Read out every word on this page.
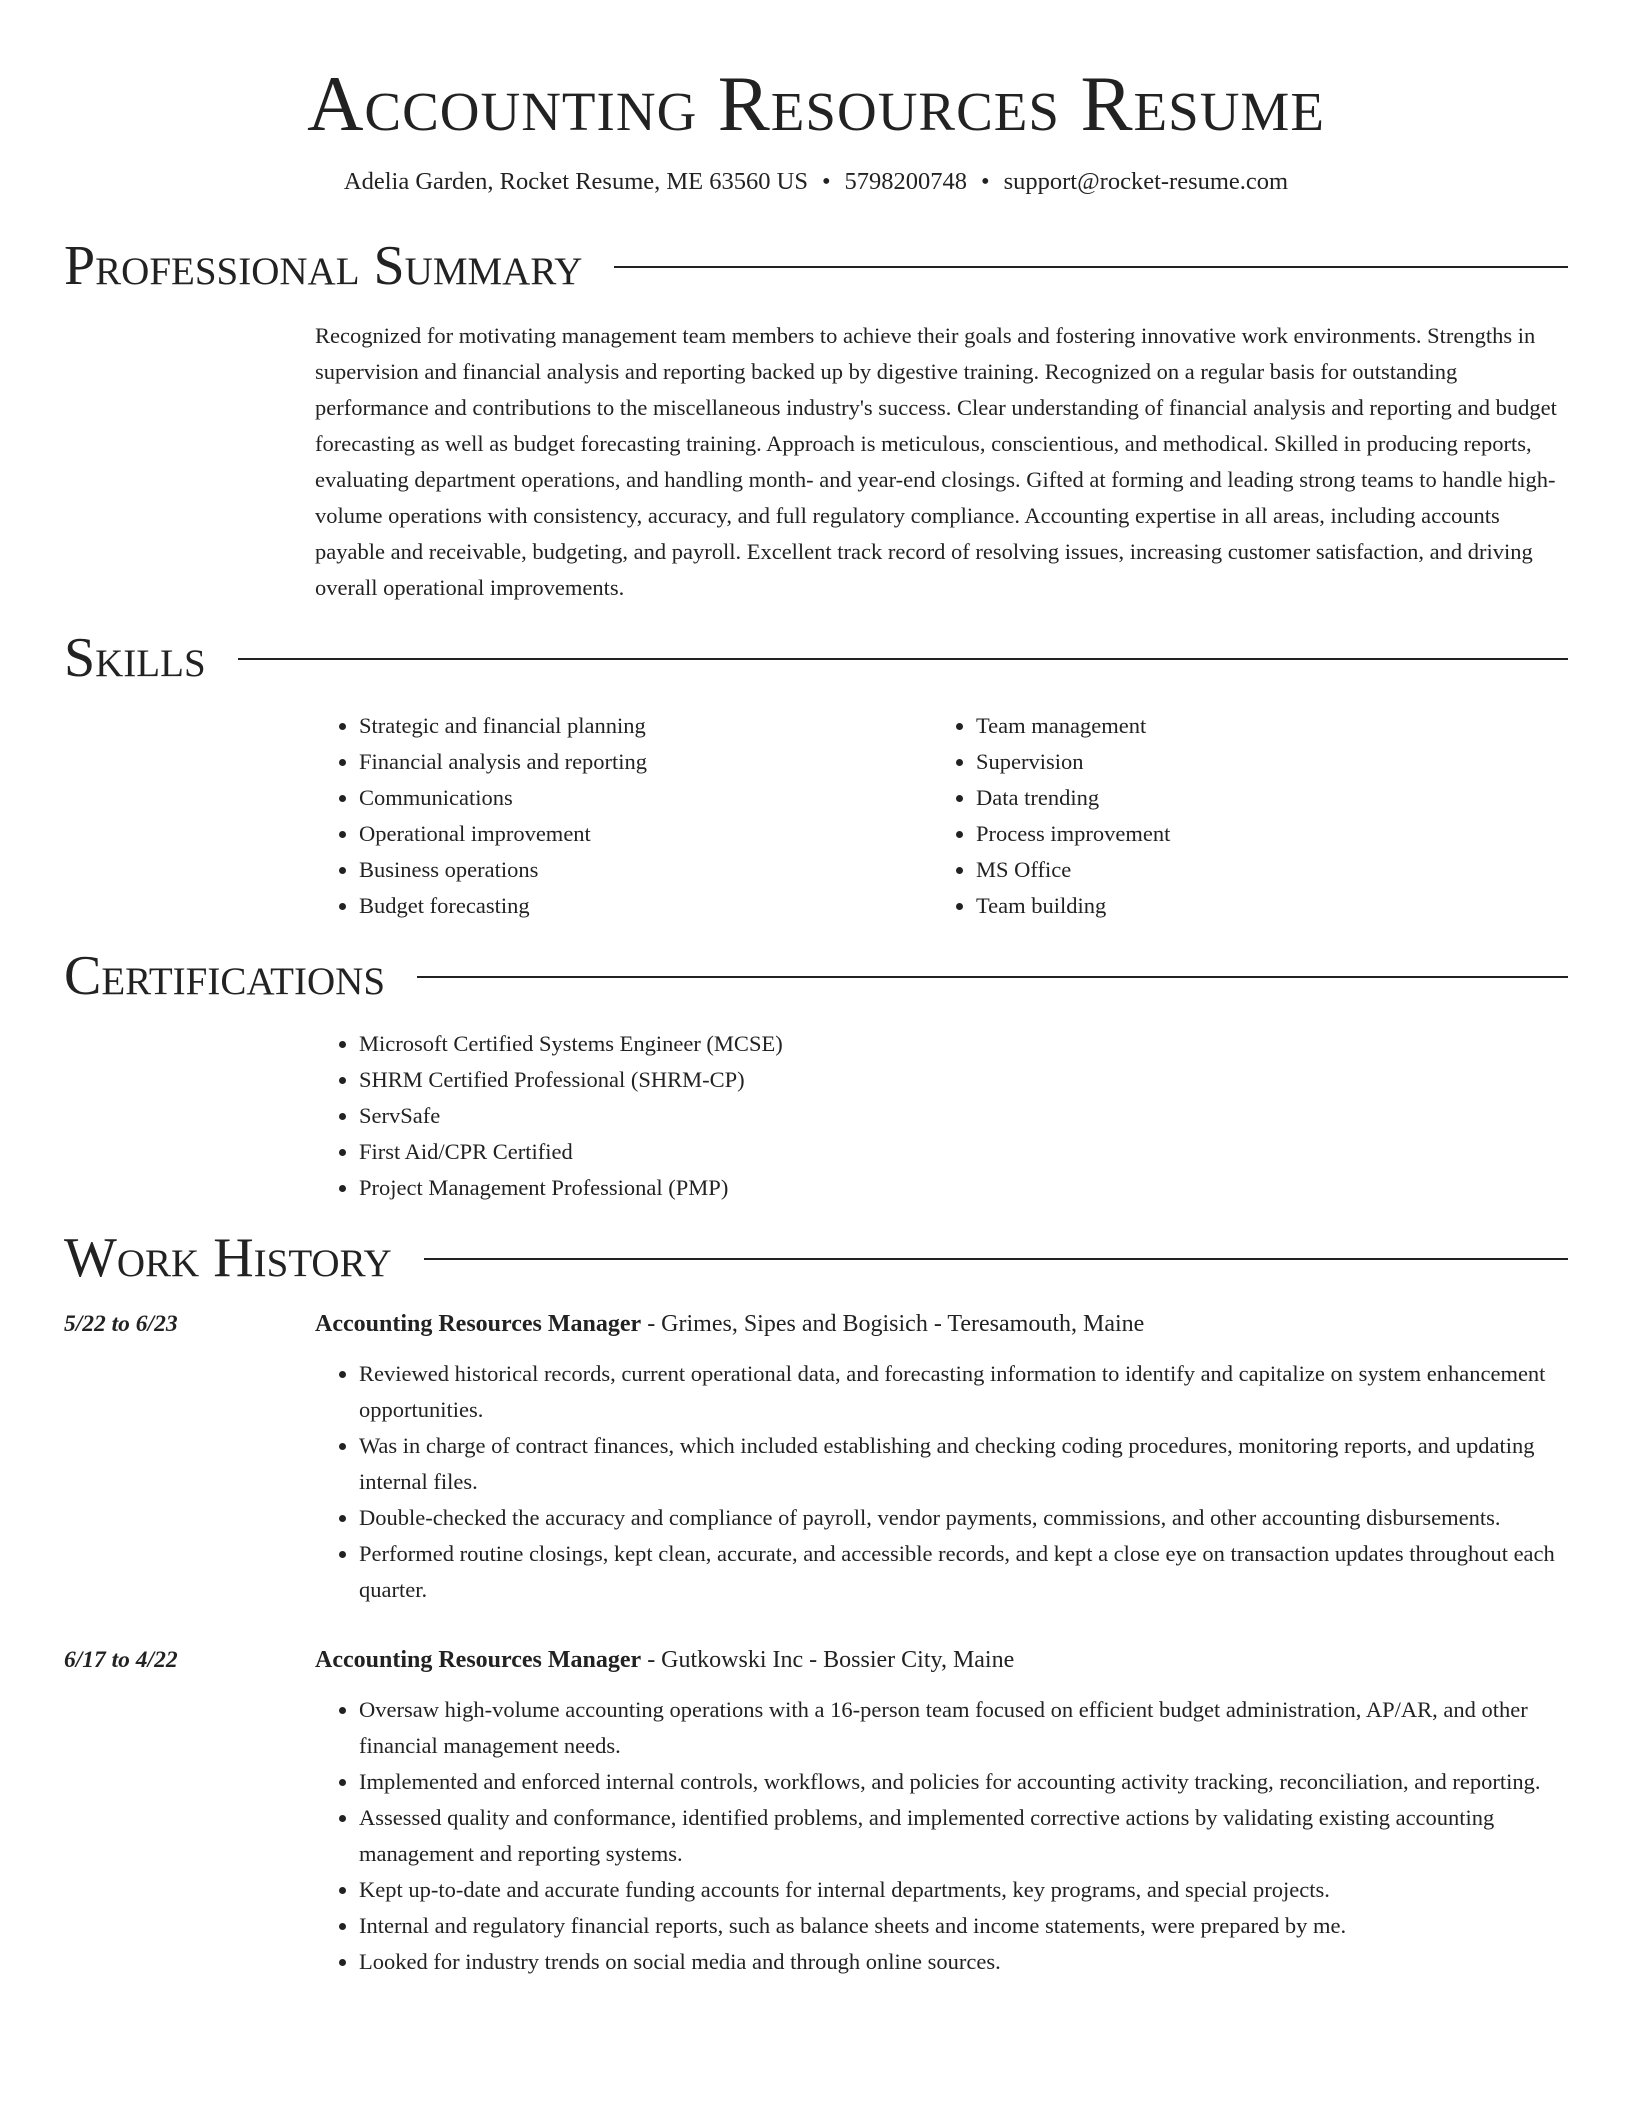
Accounting Resources Resume
Adelia Garden, Rocket Resume, ME 63560 US • 5798200748 • support@rocket-resume.com
Professional Summary

Recognized for motivating management team members to achieve their goals and fostering innovative work environments. Strengths in supervision and financial analysis and reporting backed up by digestive training. Recognized on a regular basis for outstanding performance and contributions to the miscellaneous industry's success. Clear understanding of financial analysis and reporting and budget forecasting as well as budget forecasting training. Approach is meticulous, conscientious, and methodical. Skilled in producing reports, evaluating department operations, and handling month- and year-end closings. Gifted at forming and leading strong teams to handle high-volume operations with consistency, accuracy, and full regulatory compliance. Accounting expertise in all areas, including accounts payable and receivable, budgeting, and payroll. Excellent track record of resolving issues, increasing customer satisfaction, and driving overall operational improvements.

Skills
• Strategic and financial planning
• Financial analysis and reporting
• Communications
• Operational improvement
• Business operations
• Budget forecasting
• Team management
• Supervision
• Data trending
• Process improvement
• MS Office
• Team building
Certifications
• Microsoft Certified Systems Engineer (MCSE)
• SHRM Certified Professional (SHRM-CP)
• ServSafe
• First Aid/CPR Certified
• Project Management Professional (PMP)
Work History
5/22 to 6/23	Accounting Resources Manager - Grimes, Sipes and Bogisich - Teresamouth, Maine
• Reviewed historical records, current operational data, and forecasting information to identify and capitalize on system enhancement opportunities.
• Was in charge of contract finances, which included establishing and checking coding procedures, monitoring reports, and updating internal files.
• Double-checked the accuracy and compliance of payroll, vendor payments, commissions, and other accounting disbursements.
• Performed routine closings, kept clean, accurate, and accessible records, and kept a close eye on transaction updates throughout each quarter.
6/17 to 4/22	Accounting Resources Manager - Gutkowski Inc - Bossier City, Maine
• Oversaw high-volume accounting operations with a 16-person team focused on efficient budget administration, AP/AR, and other financial management needs.
• Implemented and enforced internal controls, workflows, and policies for accounting activity tracking, reconciliation, and reporting.
• Assessed quality and conformance, identified problems, and implemented corrective actions by validating existing accounting management and reporting systems.
• Kept up-to-date and accurate funding accounts for internal departments, key programs, and special projects.
• Internal and regulatory financial reports, such as balance sheets and income statements, were prepared by me.
• Looked for industry trends on social media and through online sources.
